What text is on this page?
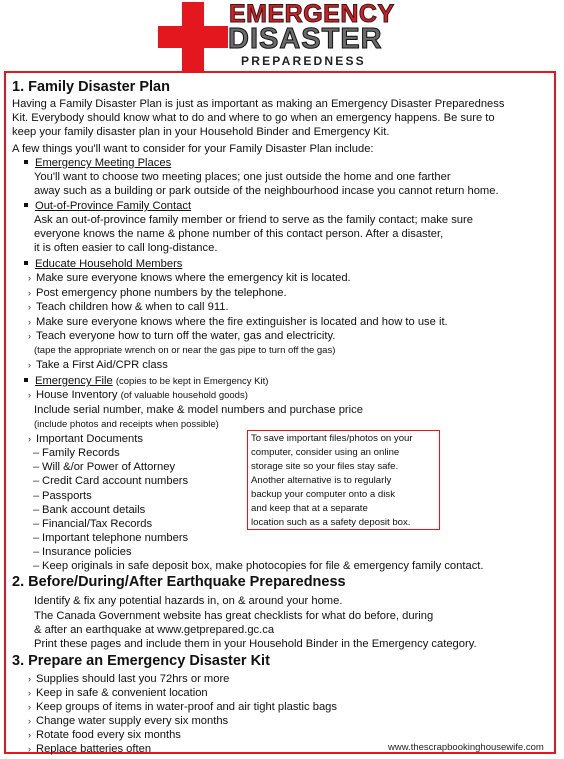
EMERGENCY
DISASTER
PREPAREDNESS
1. Family Disaster Plan
Having a Family Disaster Plan is just as important as making an Emergency Disaster Preparedness
Kit. Everybody should know what to do and where to go when an emergency happens. Be sure to
keep your family disaster plan in your Household Binder and Emergency Kit.
A few things you'll want to consider for your Family Disaster Plan include:
Emergency Meeting Places
You'll want to choose two meeting places; one just outside the home and one farther
away such as a building or park outside of the neighbourhood incase you cannot return home.
Out-of-Province Family Contact
Ask an out-of-province family member or friend to serve as the family contact; make sure
everyone knows the name & phone number of this contact person. After a disaster,
it is often easier to call long-distance.
Educate Household Members
› Make sure everyone knows where the emergency kit is located.
› Post emergency phone numbers by the telephone.
› Teach children how & when to call 911.
› Make sure everyone knows where the fire extinguisher is located and how to use it.
› Teach everyone how to turn off the water, gas and electricity.
(tape the appropriate wrench on or near the gas pipe to turn off the gas)
› Take a First Aid/CPR class
Emergency File (copies to be kept in Emergency Kit)
› House Inventory (of valuable household goods)
Include serial number, make & model numbers and purchase price
(include photos and receipts when possible)
› Important Documents
– Family Records
– Will &/or Power of Attorney
– Credit Card account numbers
– Passports
– Bank account details
– Financial/Tax Records
– Important telephone numbers
– Insurance policies
– Keep originals in safe deposit box, make photocopies for file & emergency family contact.
To save important files/photos on your
computer, consider using an online
storage site so your files stay safe.
Another alternative is to regularly
backup your computer onto a disk
and keep that at a separate
location such as a safety deposit box.
2. Before/During/After Earthquake Preparedness
Identify & fix any potential hazards in, on & around your home.
The Canada Government website has great checklists for what do before, during
& after an earthquake at www.getprepared.gc.ca
Print these pages and include them in your Household Binder in the Emergency category.
3. Prepare an Emergency Disaster Kit
› Supplies should last you 72hrs or more
› Keep in safe & convenient location
› Keep groups of items in water-proof and air tight plastic bags
› Change water supply every six months
› Rotate food every six months
› Replace batteries often	www.thescrapbookinghousewife.com
